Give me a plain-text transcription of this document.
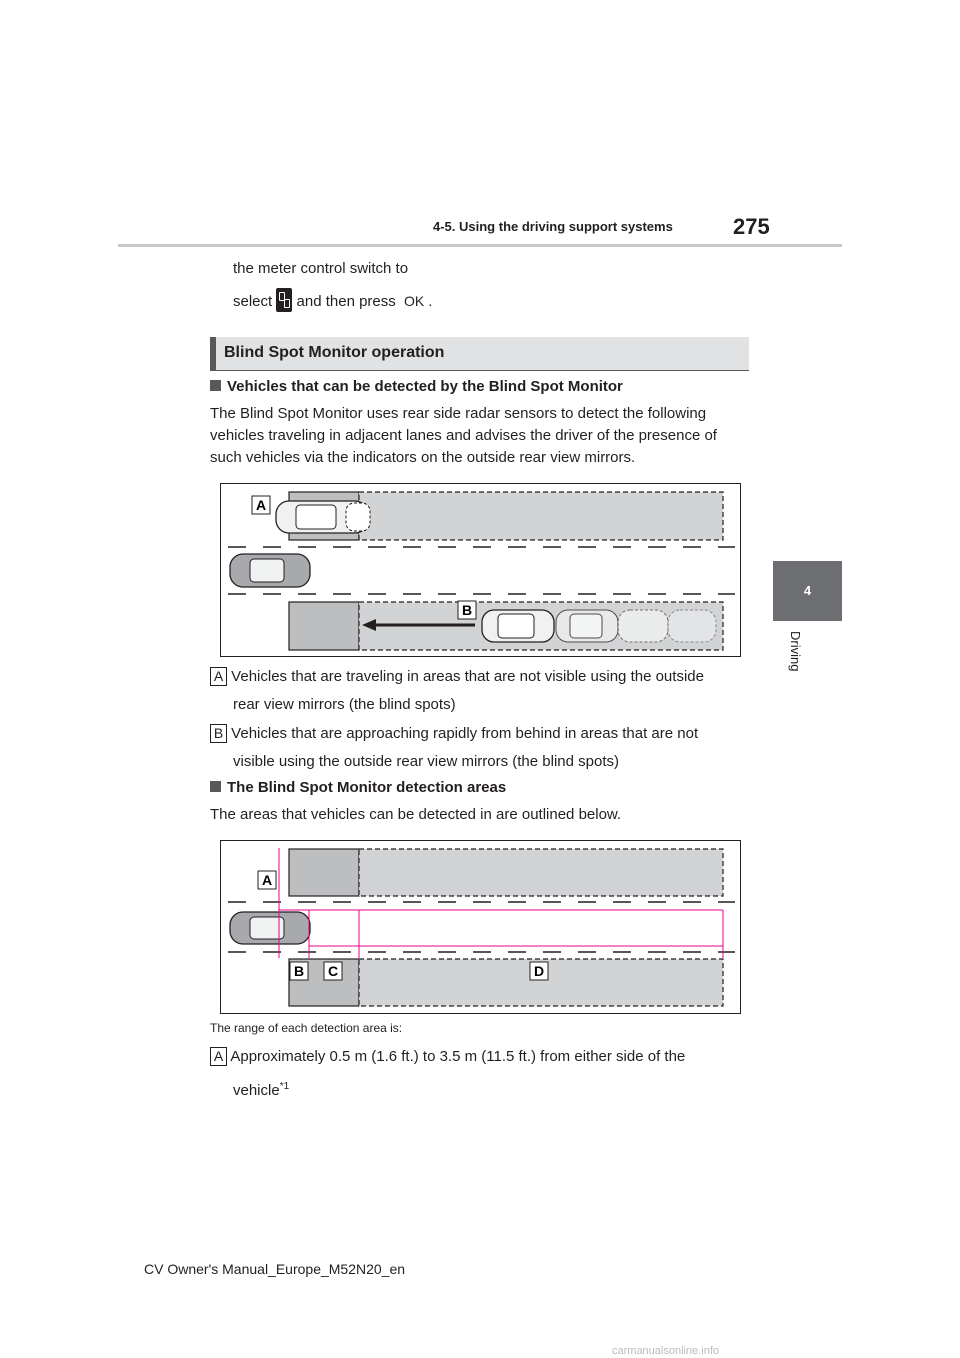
4-5. Using the driving support systems	275
4
Driving
the meter control switch to
select and then press OK .
Blind Spot Monitor operation
Vehicles that can be detected by the Blind Spot Monitor
The Blind Spot Monitor uses rear side radar sensors to detect the following vehicles traveling in adjacent lanes and advises the driver of the presence of such vehicles via the indicators on the outside rear view mirrors.
A
B
A Vehicles that are traveling in areas that are not visible using the outside
rear view mirrors (the blind spots)
B Vehicles that are approaching rapidly from behind in areas that are not
visible using the outside rear view mirrors (the blind spots)
The Blind Spot Monitor detection areas
The areas that vehicles can be detected in are outlined below.
A
B C	D
The range of each detection area is:
A Approximately 0.5 m (1.6 ft.) to 3.5 m (11.5 ft.) from either side of the
vehicle$^{*1}$
CV Owner's Manual_Europe_M52N20_en
carmanualsonline.info
